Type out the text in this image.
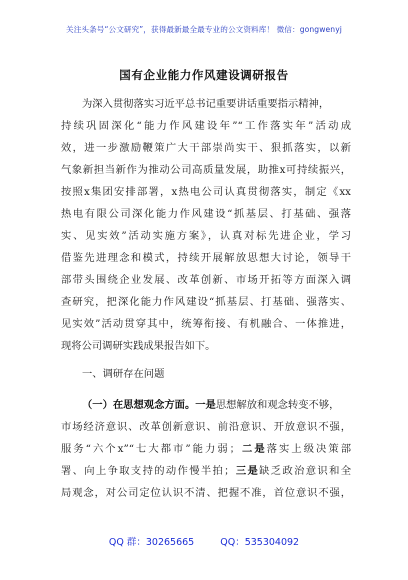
关注头条号“公文研究”，获得最新最全最专业的公文资料库！ 微信：gongwenyj
国有企业能力作风建设调研报告
为深入贯彻落实习近平总书记重要讲话重要指示精神，
持续巩固深化“能力作风建设年”“工作落实年”活动成
效，进一步激励鞭策广大干部崇尚实干、狠抓落实，以新
气象新担当新作为推动公司高质量发展，助推x可持续振兴，
按照x集团安排部署，x热电公司认真贯彻落实，制定《xx
热电有限公司深化能力作风建设“抓基层、打基础、强落
实、见实效”活动实施方案》，认真对标先进企业，学习
借鉴先进理念和模式，持续开展解放思想大讨论，领导干
部带头围绕企业发展、改革创新、市场开拓等方面深入调
查研究，把深化能力作风建设“抓基层、打基础、强落实、
见实效”活动贯穿其中，统筹衔接、有机融合、一体推进，
现将公司调研实践成果报告如下。
一、调研存在问题
（一）在思想观念方面。一是思想解放和观念转变不够，
市场经济意识、改革创新意识、前沿意识、开放意识不强，
服务“六个x”“七大都市”能力弱；二是落实上级决策部
署、向上争取支持的动作慢半拍；三是缺乏政治意识和全
局观念，对公司定位认识不清、把握不准，首位意识不强，
QQ 群：30265665	QQ：535304092
